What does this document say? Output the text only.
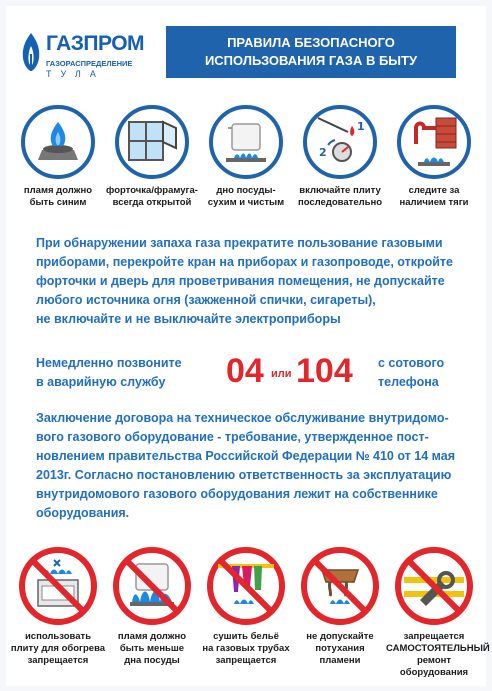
ГАЗПРОМ
ГАЗОРАСПРЕДЕЛЕНИЕ
ТУЛА
ПРАВИЛА БЕЗОПАСНОГО
ИСПОЛЬЗОВАНИЯ ГАЗА В БЫТУ
пламя должно
быть синим
форточка/фрамуга-
всегда открытой
дно посуды-
сухим и чистым
1
2
включайте плиту
последовательно
следите за
наличием тяги
При обнаружении запаха газа прекратите пользование газовыми
приборами, перекройте кран на приборах и газопроводе, откройте
форточки и дверь для проветривания помещения, не допускайте
любого источника огня (зажженной спички, сигареты),
не включайте и не выключайте электроприборы
Немедленно позвоните
в аварийную службу	04 или 104 с сотового
телефона
Заключение договора на техническое обслуживание внутридомо-
вого газового оборудование - требование, утвержденное пост-
новлением правительства Российской Федерации № 410 от 14 мая
2013г. Согласно постановлению ответственность за эксплуатацию
внутридомового газового оборудования лежит на собственнике
оборудования.
использовать
плиту для обогрева
запрещается
пламя должно
быть меньше
дна посуды
сушить бельё
на газовых трубах
запрещается
не допускайте
потухания
пламени
запрещается
САМОСТОЯТЕЛЬНЫЙ
ремонт оборудования
